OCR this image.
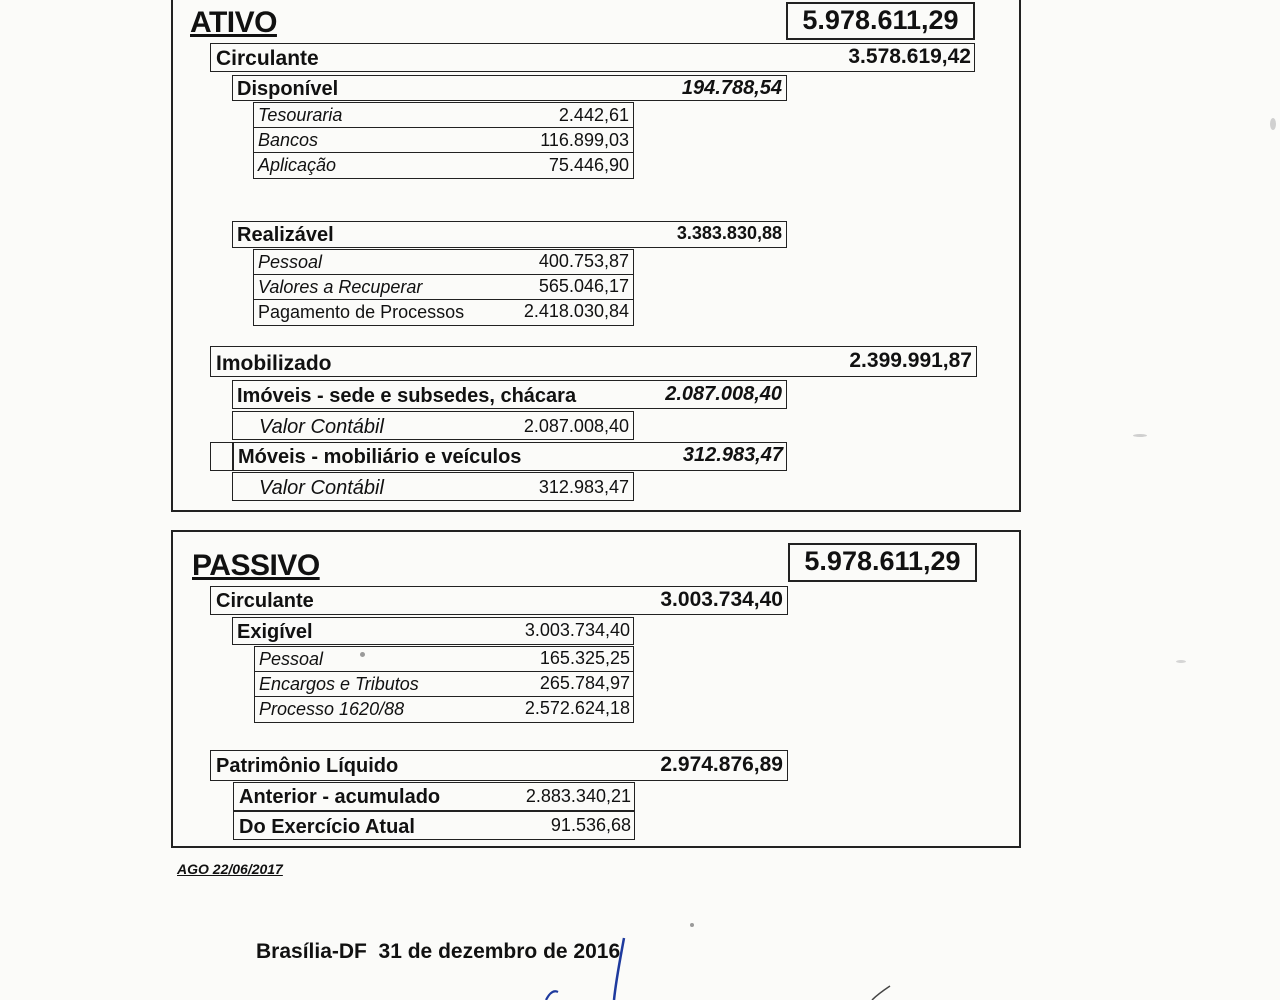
ATIVO	5.978.611,29
Circulante	3.578.619,42
Disponível	194.788,54
Tesouraria	2.442,61
Bancos	116.899,03
Aplicação	75.446,90
Realizável	3.383.830,88
Pessoal	400.753,87
Valores a Recuperar	565.046,17
Pagamento de Processos	2.418.030,84
Imobilizado	2.399.991,87
Imóveis - sede e subsedes, chácara	2.087.008,40
Valor Contábil	2.087.008,40
Móveis - mobiliário e veículos	312.983,47
Valor Contábil	312.983,47
PASSIVO	5.978.611,29
Circulante	3.003.734,40
Exigível	3.003.734,40
Pessoal	165.325,25
Encargos e Tributos	265.784,97
Processo 1620/88	2.572.624,18
Patrimônio Líquido	2.974.876,89
Anterior - acumulado	2.883.340,21
Do Exercício Atual	91.536,68
AGO 22/06/2017
Brasília-DF  31 de dezembro de 2016
